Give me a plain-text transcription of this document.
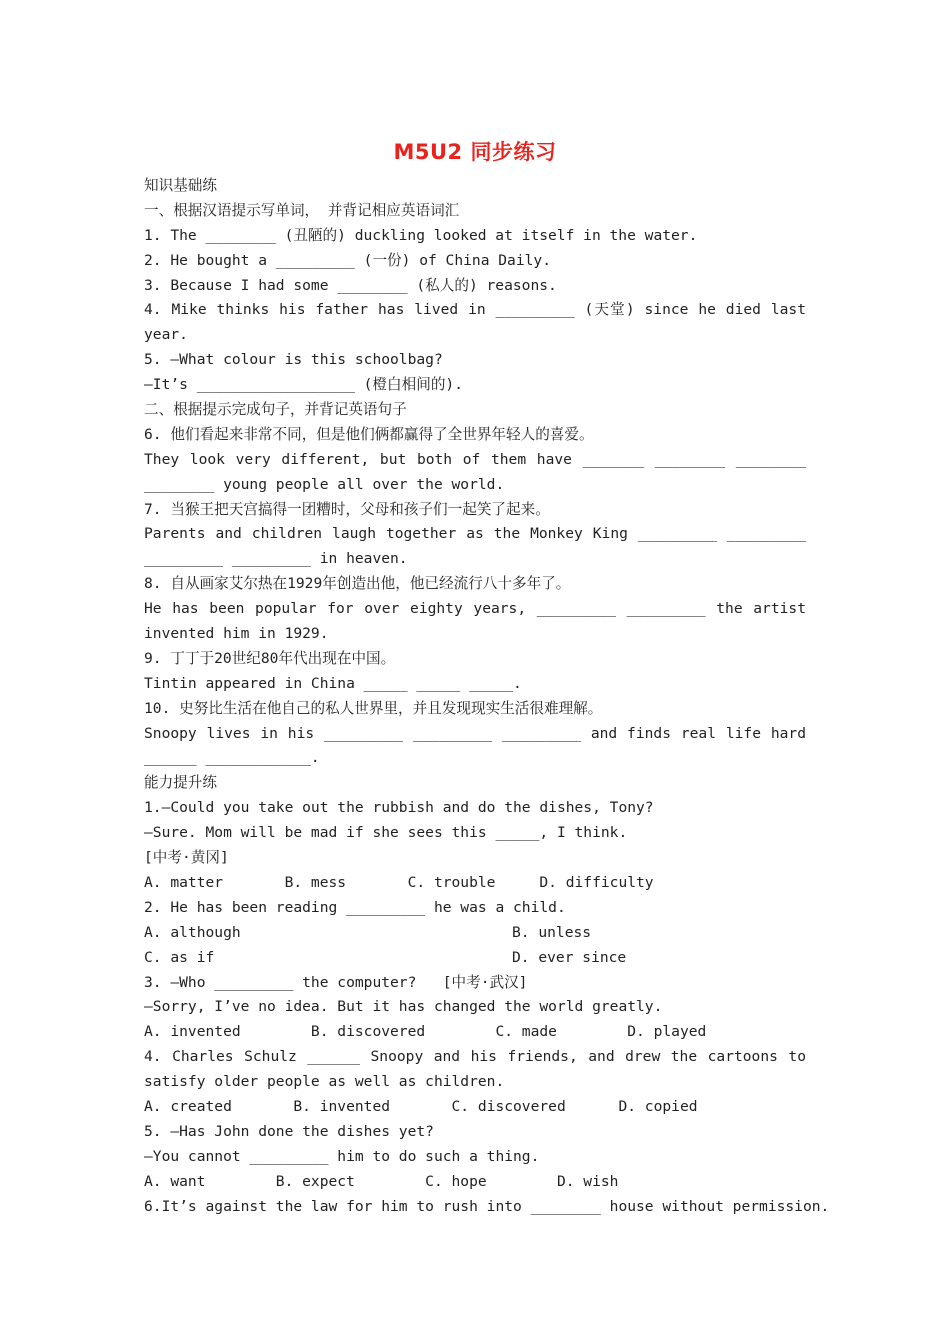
M5U2 同步练习
知识基础练
一、根据汉语提示写单词， 并背记相应英语词汇
1. The ________ (丑陋的) duckling looked at itself in the water.
2. He bought a _________ (一份) of China Daily.
3. Because I had some ________ (私人的) reasons.
4. Mike thinks his father has lived in _________ (天堂) since he died last
year.
5. —What colour is this schoolbag?
—It’s __________________ (橙白相间的).
二、根据提示完成句子，并背记英语句子
6. 他们看起来非常不同，但是他们俩都赢得了全世界年轻人的喜爱。
They look very different, but both of them have _______ ________ ________
________ young people all over the world.
7. 当猴王把天宫搞得一团糟时，父母和孩子们一起笑了起来。
Parents and children laugh together as the Monkey King _________ _________
_________ _________ in heaven.
8. 自从画家艾尔热在1929年创造出他，他已经流行八十多年了。
He has been popular for over eighty years, _________ _________ the artist
invented him in 1929.
9. 丁丁于20世纪80年代出现在中国。
Tintin appeared in China _____ _____ _____.
10. 史努比生活在他自己的私人世界里，并且发现现实生活很难理解。
Snoopy lives in his _________ _________ _________ and finds real life hard
______ ____________.
能力提升练
1.—Could you take out the rubbish and do the dishes, Tony?
—Sure. Mom will be mad if she sees this _____, I think.
[中考·黄冈]
A. matter       B. mess       C. trouble     D. difficulty
2. He has been reading _________ he was a child.
A. although	B. unless
C. as if	D. ever since
3. —Who _________ the computer?   [中考·武汉]
—Sorry, I’ve no idea. But it has changed the world greatly.
A. invented        B. discovered        C. made        D. played
4. Charles Schulz ______ Snoopy and his friends, and drew the cartoons to
satisfy older people as well as children.
A. created       B. invented       C. discovered      D. copied
5. —Has John done the dishes yet?
—You cannot _________ him to do such a thing.
A. want        B. expect        C. hope        D. wish
6.It’s against the law for him to rush into ________ house without permission.
